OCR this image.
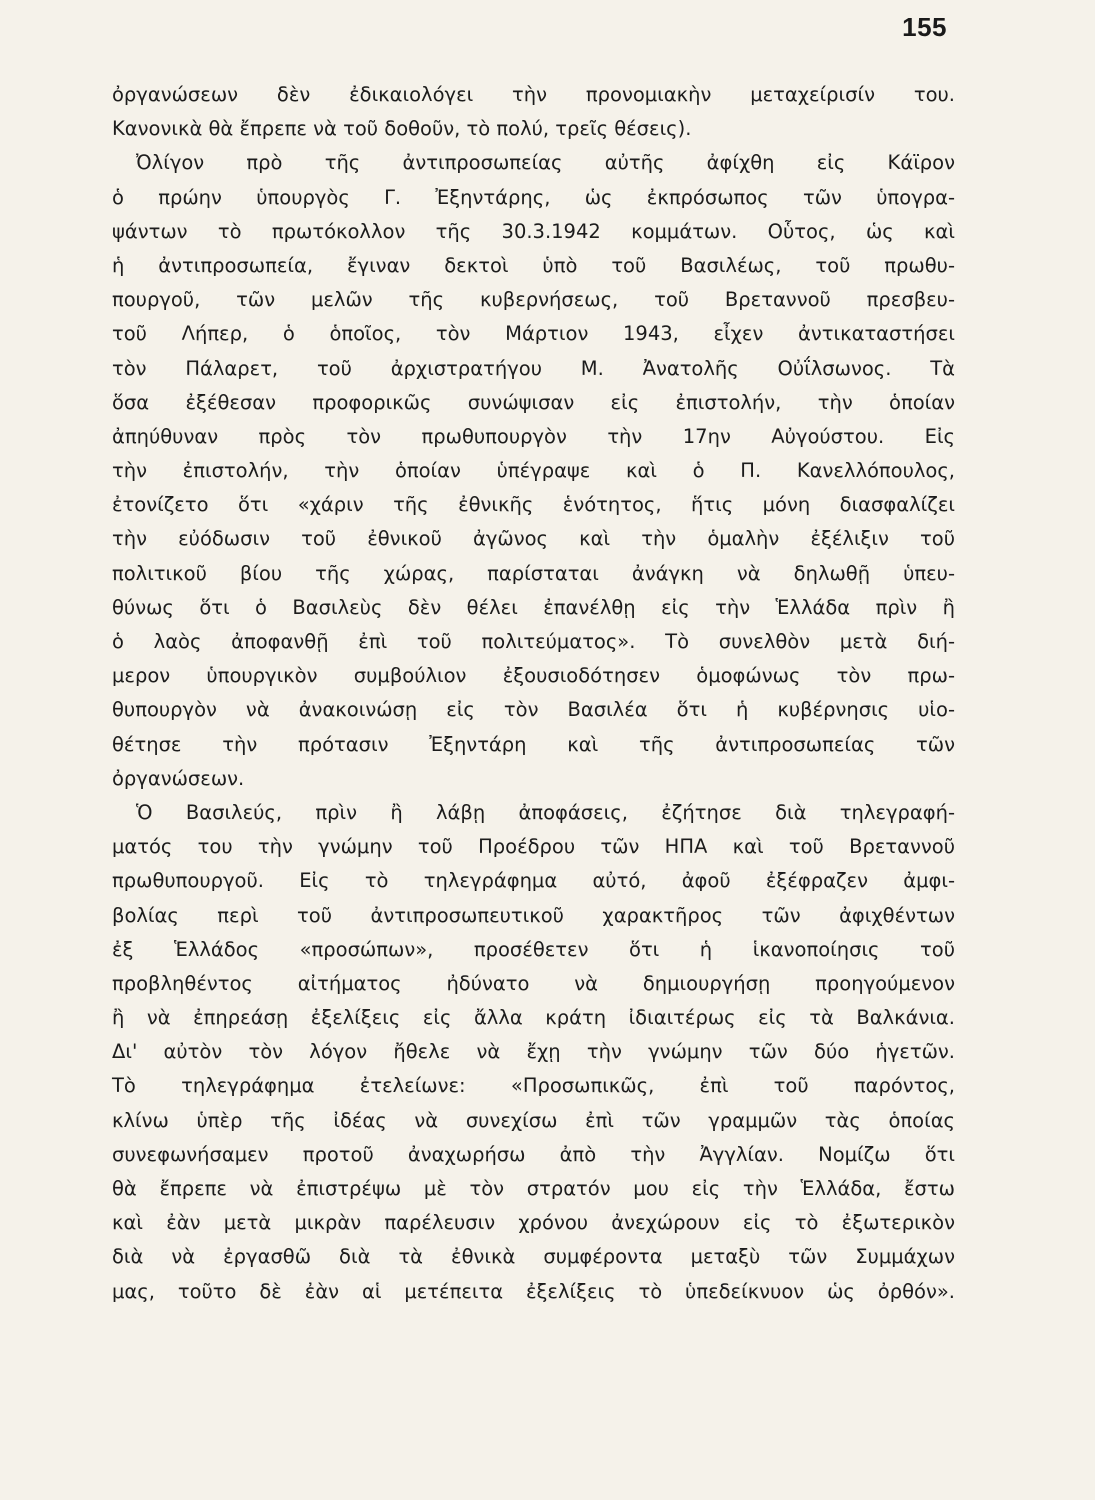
155
ὀργανώσεων δὲν ἐδικαιολόγει τὴν προνομιακὴν μεταχείρισίν του.
Κανονικὰ θὰ ἔπρεπε νὰ τοῦ δοθοῦν, τὸ πολύ, τρεῖς θέσεις).
Ὀλίγον πρὸ τῆς ἀντιπροσωπείας αὐτῆς ἀφίχθη εἰς Κάϊρον
ὁ πρώην ὑπουργὸς Γ. Ἐξηντάρης, ὡς ἐκπρόσωπος τῶν ὑπογρα-
ψάντων τὸ πρωτόκολλον τῆς 30.3.1942 κομμάτων. Οὗτος, ὡς καὶ
ἡ ἀντιπροσωπεία, ἔγιναν δεκτοὶ ὑπὸ τοῦ Βασιλέως, τοῦ πρωθυ-
πουργοῦ, τῶν μελῶν τῆς κυβερνήσεως, τοῦ Βρεταννοῦ πρεσβευ-
τοῦ Λήπερ, ὁ ὁποῖος, τὸν Μάρτιον 1943, εἶχεν ἀντικαταστήσει
τὸν Πάλαρετ, τοῦ ἀρχιστρατήγου Μ. Ἀνατολῆς Οὐΐλσωνος. Τὰ
ὅσα ἐξέθεσαν προφορικῶς συνώψισαν εἰς ἐπιστολήν, τὴν ὁποίαν
ἀπηύθυναν πρὸς τὸν πρωθυπουργὸν τὴν 17ην Αὐγούστου. Εἰς
τὴν ἐπιστολήν, τὴν ὁποίαν ὑπέγραψε καὶ ὁ Π. Κανελλόπουλος,
ἐτονίζετο ὅτι «χάριν τῆς ἐθνικῆς ἑνότητος, ἥτις μόνη διασφαλίζει
τὴν εὐόδωσιν τοῦ ἐθνικοῦ ἀγῶνος καὶ τὴν ὁμαλὴν ἐξέλιξιν τοῦ
πολιτικοῦ βίου τῆς χώρας, παρίσταται ἀνάγκη νὰ δηλωθῇ ὑπευ-
θύνως ὅτι ὁ Βασιλεὺς δὲν θέλει ἐπανέλθῃ εἰς τὴν Ἑλλάδα πρὶν ἢ
ὁ λαὸς ἀποφανθῇ ἐπὶ τοῦ πολιτεύματος». Τὸ συνελθὸν μετὰ διή-
μερον ὑπουργικὸν συμβούλιον ἐξουσιοδότησεν ὁμοφώνως τὸν πρω-
θυπουργὸν νὰ ἀνακοινώσῃ εἰς τὸν Βασιλέα ὅτι ἡ κυβέρνησις υἱο-
θέτησε τὴν πρότασιν Ἐξηντάρη καὶ τῆς ἀντιπροσωπείας τῶν
ὀργανώσεων.
Ὁ Βασιλεύς, πρὶν ἢ λάβῃ ἀποφάσεις, ἐζήτησε διὰ τηλεγραφή-
ματός του τὴν γνώμην τοῦ Προέδρου τῶν ΗΠΑ καὶ τοῦ Βρεταννοῦ
πρωθυπουργοῦ. Εἰς τὸ τηλεγράφημα αὐτό, ἀφοῦ ἐξέφραζεν ἀμφι-
βολίας περὶ τοῦ ἀντιπροσωπευτικοῦ χαρακτῆρος τῶν ἀφιχθέντων
ἐξ Ἑλλάδος «προσώπων», προσέθετεν ὅτι ἡ ἱκανοποίησις τοῦ
προβληθέντος αἰτήματος ἠδύνατο νὰ δημιουργήσῃ προηγούμενον
ἢ νὰ ἐπηρεάσῃ ἐξελίξεις εἰς ἄλλα κράτη ἰδιαιτέρως εἰς τὰ Βαλκάνια.
Δι' αὐτὸν τὸν λόγον ἤθελε νὰ ἔχῃ τὴν γνώμην τῶν δύο ἡγετῶν.
Τὸ τηλεγράφημα ἐτελείωνε: «Προσωπικῶς, ἐπὶ τοῦ παρόντος,
κλίνω ὑπὲρ τῆς ἰδέας νὰ συνεχίσω ἐπὶ τῶν γραμμῶν τὰς ὁποίας
συνεφωνήσαμεν προτοῦ ἀναχωρήσω ἀπὸ τὴν Ἀγγλίαν. Νομίζω ὅτι
θὰ ἔπρεπε νὰ ἐπιστρέψω μὲ τὸν στρατόν μου εἰς τὴν Ἑλλάδα, ἔστω
καὶ ἐὰν μετὰ μικρὰν παρέλευσιν χρόνου ἀνεχώρουν εἰς τὸ ἐξωτερικὸν
διὰ νὰ ἐργασθῶ διὰ τὰ ἐθνικὰ συμφέροντα μεταξὺ τῶν Συμμάχων
μας, τοῦτο δὲ ἐὰν αἱ μετέπειτα ἐξελίξεις τὸ ὑπεδείκνυον ὡς ὀρθόν».
